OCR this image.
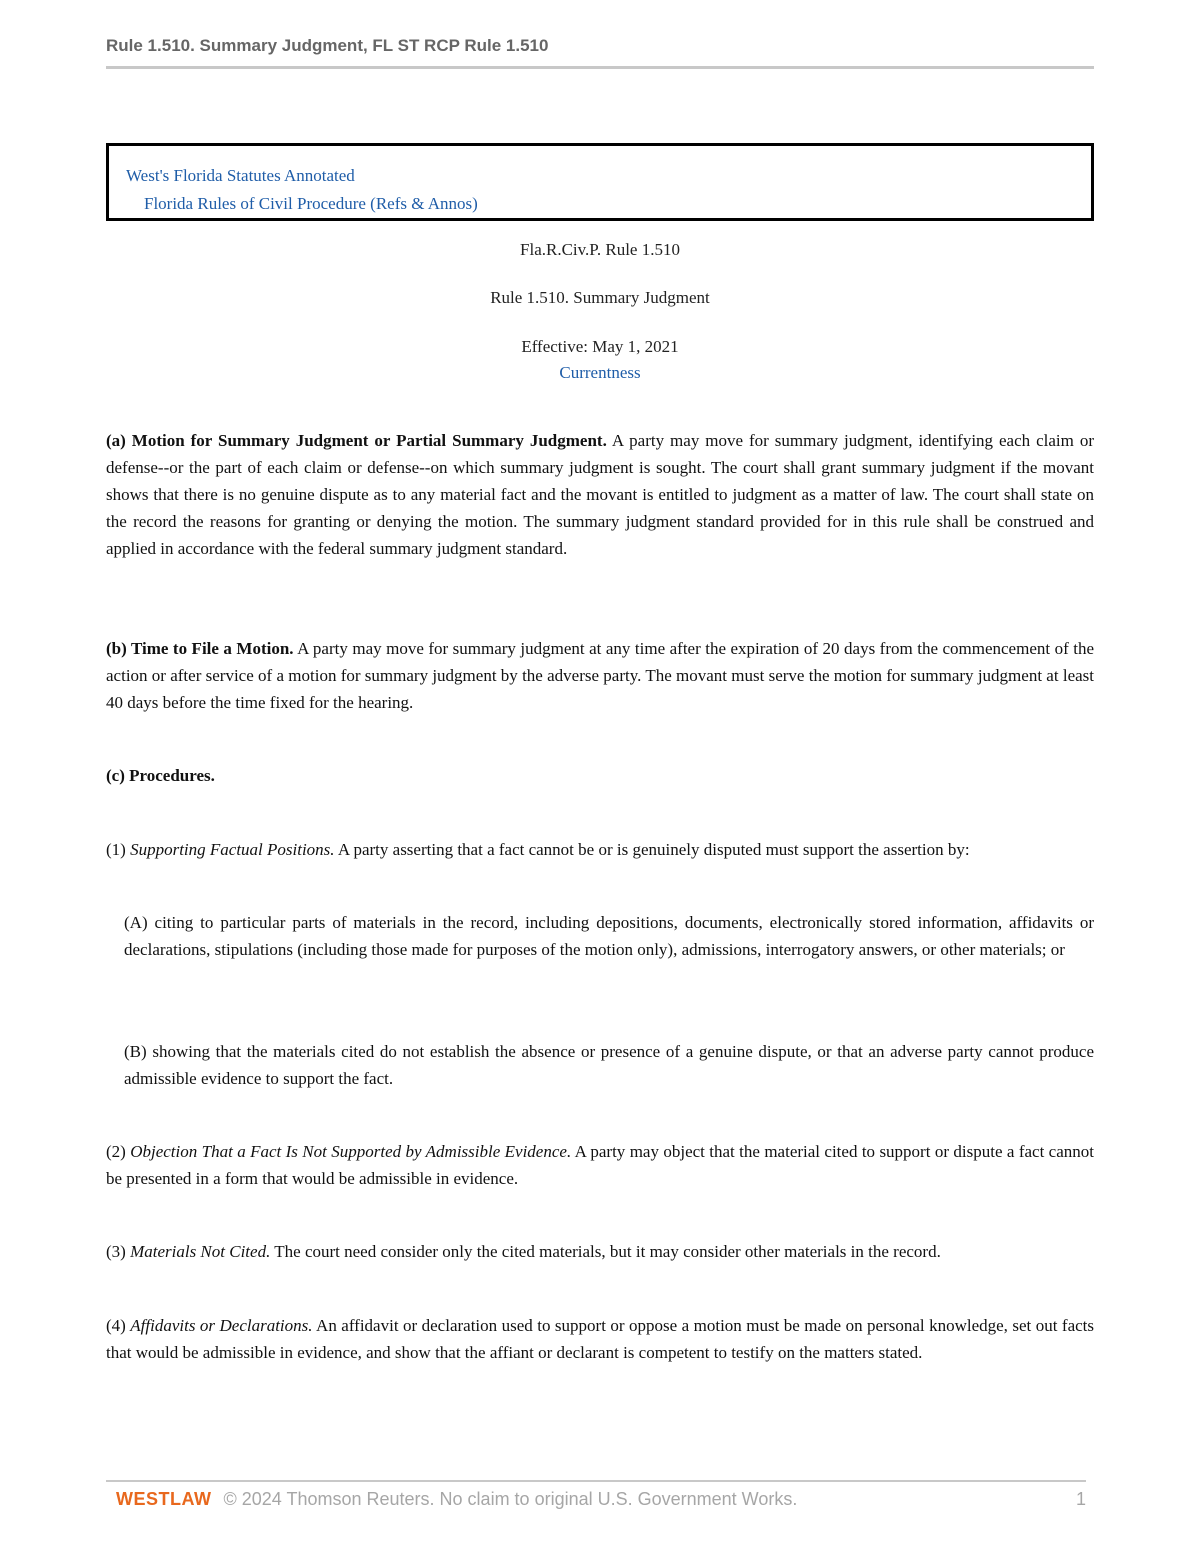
Rule 1.510. Summary Judgment, FL ST RCP Rule 1.510
West's Florida Statutes Annotated
Florida Rules of Civil Procedure (Refs & Annos)
Fla.R.Civ.P. Rule 1.510
Rule 1.510. Summary Judgment
Effective: May 1, 2021
Currentness
(a) Motion for Summary Judgment or Partial Summary Judgment. A party may move for summary judgment, identifying each claim or defense--or the part of each claim or defense--on which summary judgment is sought. The court shall grant summary judgment if the movant shows that there is no genuine dispute as to any material fact and the movant is entitled to judgment as a matter of law. The court shall state on the record the reasons for granting or denying the motion. The summary judgment standard provided for in this rule shall be construed and applied in accordance with the federal summary judgment standard.
(b) Time to File a Motion. A party may move for summary judgment at any time after the expiration of 20 days from the commencement of the action or after service of a motion for summary judgment by the adverse party. The movant must serve the motion for summary judgment at least 40 days before the time fixed for the hearing.
(c) Procedures.
(1) Supporting Factual Positions. A party asserting that a fact cannot be or is genuinely disputed must support the assertion by:
(A) citing to particular parts of materials in the record, including depositions, documents, electronically stored information, affidavits or declarations, stipulations (including those made for purposes of the motion only), admissions, interrogatory answers, or other materials; or
(B) showing that the materials cited do not establish the absence or presence of a genuine dispute, or that an adverse party cannot produce admissible evidence to support the fact.
(2) Objection That a Fact Is Not Supported by Admissible Evidence. A party may object that the material cited to support or dispute a fact cannot be presented in a form that would be admissible in evidence.
(3) Materials Not Cited. The court need consider only the cited materials, but it may consider other materials in the record.
(4) Affidavits or Declarations. An affidavit or declaration used to support or oppose a motion must be made on personal knowledge, set out facts that would be admissible in evidence, and show that the affiant or declarant is competent to testify on the matters stated.
WESTLAW © 2024 Thomson Reuters. No claim to original U.S. Government Works.	1
